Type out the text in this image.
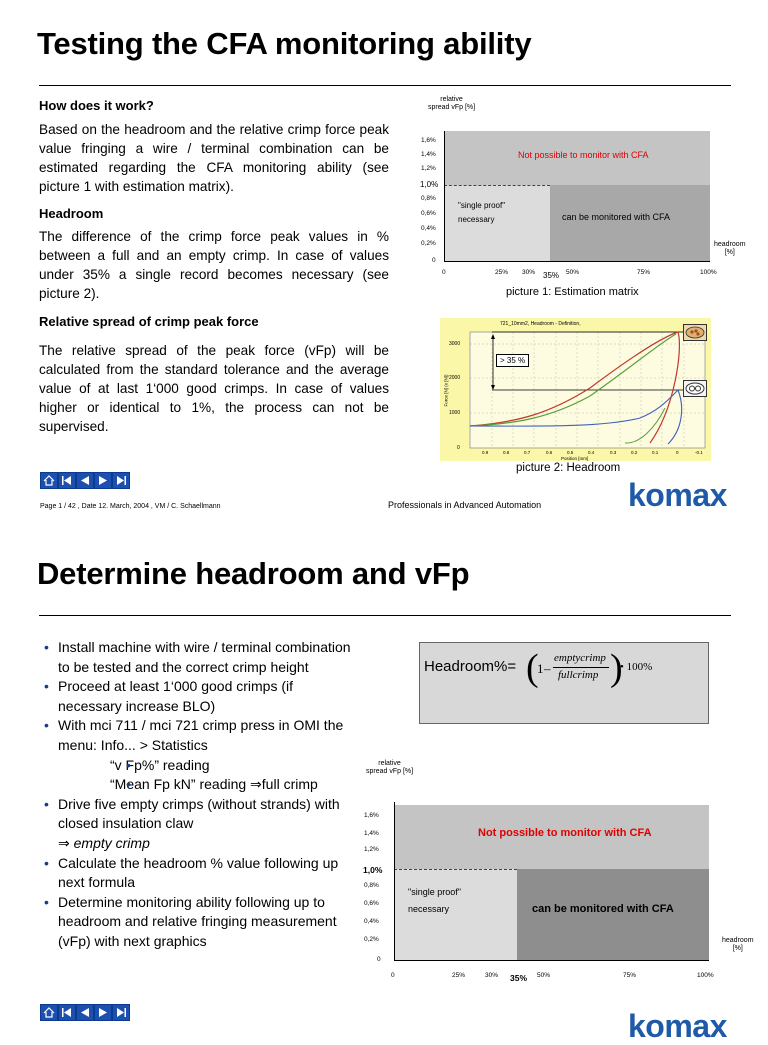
Testing the CFA monitoring ability
How does it work?
Based on the headroom and the relative crimp force peak value fringing a wire / terminal combination can be estimated regarding the CFA monitoring ability (see picture 1 with estimation matrix).
Headroom
The difference of the crimp force peak values in % between a full and an empty crimp. In case of values under 35% a single record becomes necessary (see picture 2).
Relative spread of crimp peak force
The relative spread of the peak force (vFp) will be calculated from the standard tolerance and the average value of at last 1‘000 good crimps. In case of values higher or identical to 1%, the process can not be supervised.
relative
spread vFp [%]
Not possible to monitor with CFA
"single proof"
necessary	can be monitored with CFA
1,6%
1,4%
1,2%
1,0%
0,8%
0,6%
0,4%
0,2%
0
0	25% 30% 35% 50%	75%	100%
headroom
[%]
picture 1: Estimation matrix
721_10mm2, Headroom - Definition,
> 35 %
3000
2000
1000
0
Force [N] (x [N])
0.9	0.8	0.7	0.6	0.5	0.4	0.3	0.2	0.1	0	-0.1
Position [mm]
picture 2: Headroom
Page 1 / 42 , Date 12. March, 2004 , VM / C. Schaellmann	Professionals in Advanced Automation	komax
Determine headroom and vFp
• Install machine with wire / terminal combination to be tested and the correct crimp height
• Proceed at least 1‘000 good crimps (if necessary increase BLO)
• With mci 711 / mci 721 crimp press in OMI the menu: Info... > Statistics
• “v Fp%” reading
• “Mean Fp kN” reading ⇒full crimp
• Drive five empty crimps (without strands) with closed insulation claw
⇒ empty crimp
• Calculate the headroom % value following up next formula
• Determine monitoring ability following up to headroom and relative fringing measurement (vFp) with next graphics
Headroom%= (
1 –
emptycrimp
fullcrimp )
• 100%
relative
spread vFp [%]
Not possible to monitor with CFA
"single proof"
necessary	can be monitored with CFA
1,6%
1,4%
1,2%
1,0%
0,8%
0,6%
0,4%
0,2%
0
0	25%	30% 35% 50%	75%	100%
headroom
[%]
komax
